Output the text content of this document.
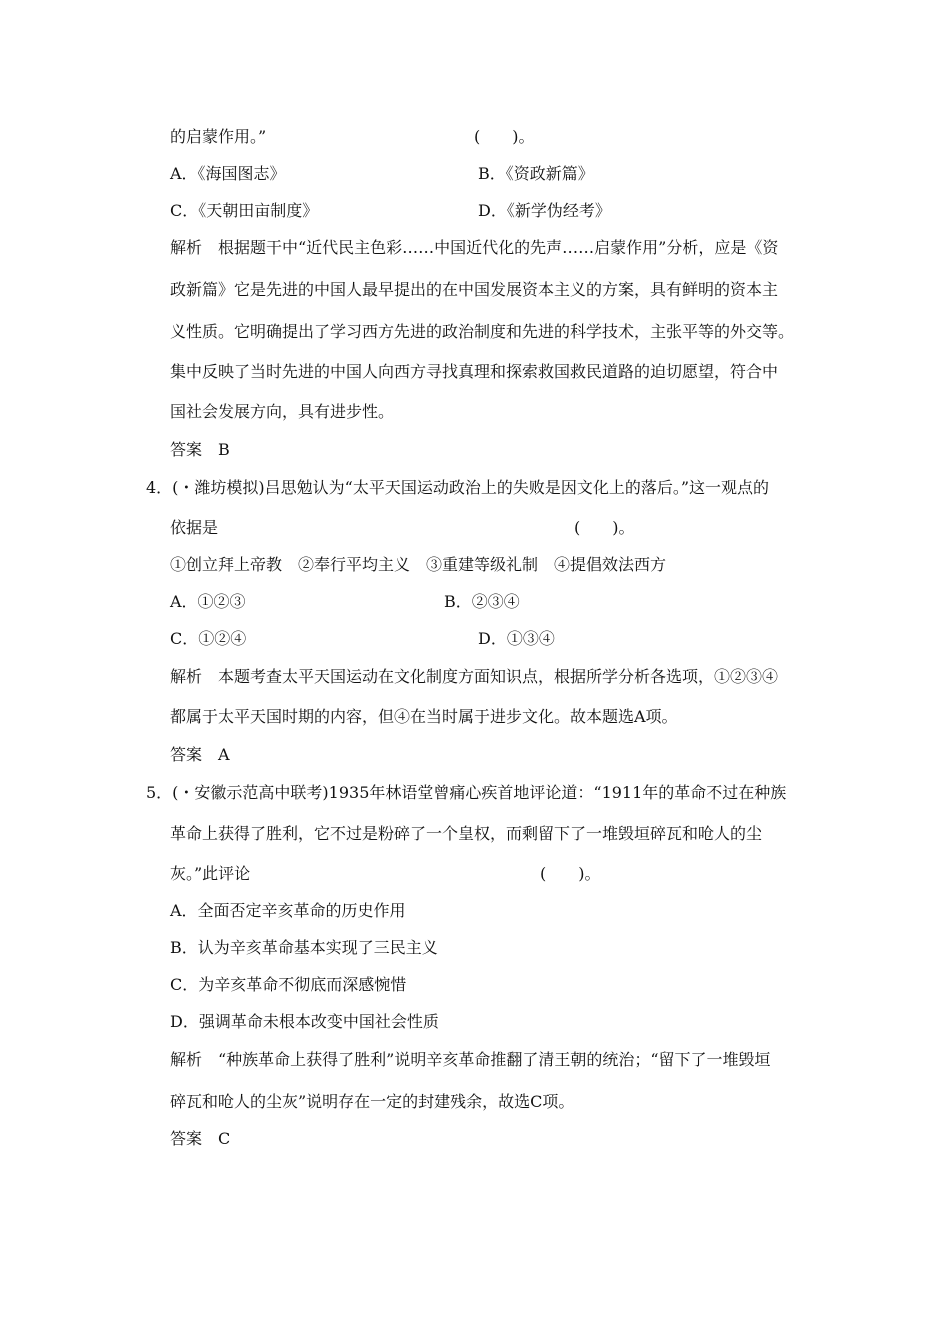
的启蒙作用。”	(　　)。
A．《海国图志》	B．《资政新篇》
C．《天朝田亩制度》	D．《新学伪经考》
解析　根据题干中“近代民主色彩……中国近代化的先声……启蒙作用”分析，应是《资
政新篇》它是先进的中国人最早提出的在中国发展资本主义的方案，具有鲜明的资本主
义性质。它明确提出了学习西方先进的政治制度和先进的科学技术，主张平等的外交等。
集中反映了当时先进的中国人向西方寻找真理和探索救国救民道路的迫切愿望，符合中
国社会发展方向，具有进步性。
答案　B
4．(・潍坊模拟)吕思勉认为“太平天国运动政治上的失败是因文化上的落后。”这一观点的
依据是	(　　)。
①创立拜上帝教　②奉行平均主义　③重建等级礼制　④提倡效法西方
A．①②③	B．②③④
C．①②④	D．①③④
解析　本题考查太平天国运动在文化制度方面知识点，根据所学分析各选项，①②③④
都属于太平天国时期的内容，但④在当时属于进步文化。故本题选A项。
答案　A
5．(・安徽示范高中联考)1935年林语堂曾痛心疾首地评论道：“1911年的革命不过在种族
革命上获得了胜利，它不过是粉碎了一个皇权，而剩留下了一堆毁垣碎瓦和呛人的尘
灰。”此评论	(　　)。
A．全面否定辛亥革命的历史作用
B．认为辛亥革命基本实现了三民主义
C．为辛亥革命不彻底而深感惋惜
D．强调革命未根本改变中国社会性质
解析　“种族革命上获得了胜利”说明辛亥革命推翻了清王朝的统治；“留下了一堆毁垣
碎瓦和呛人的尘灰”说明存在一定的封建残余，故选C项。
答案　C
